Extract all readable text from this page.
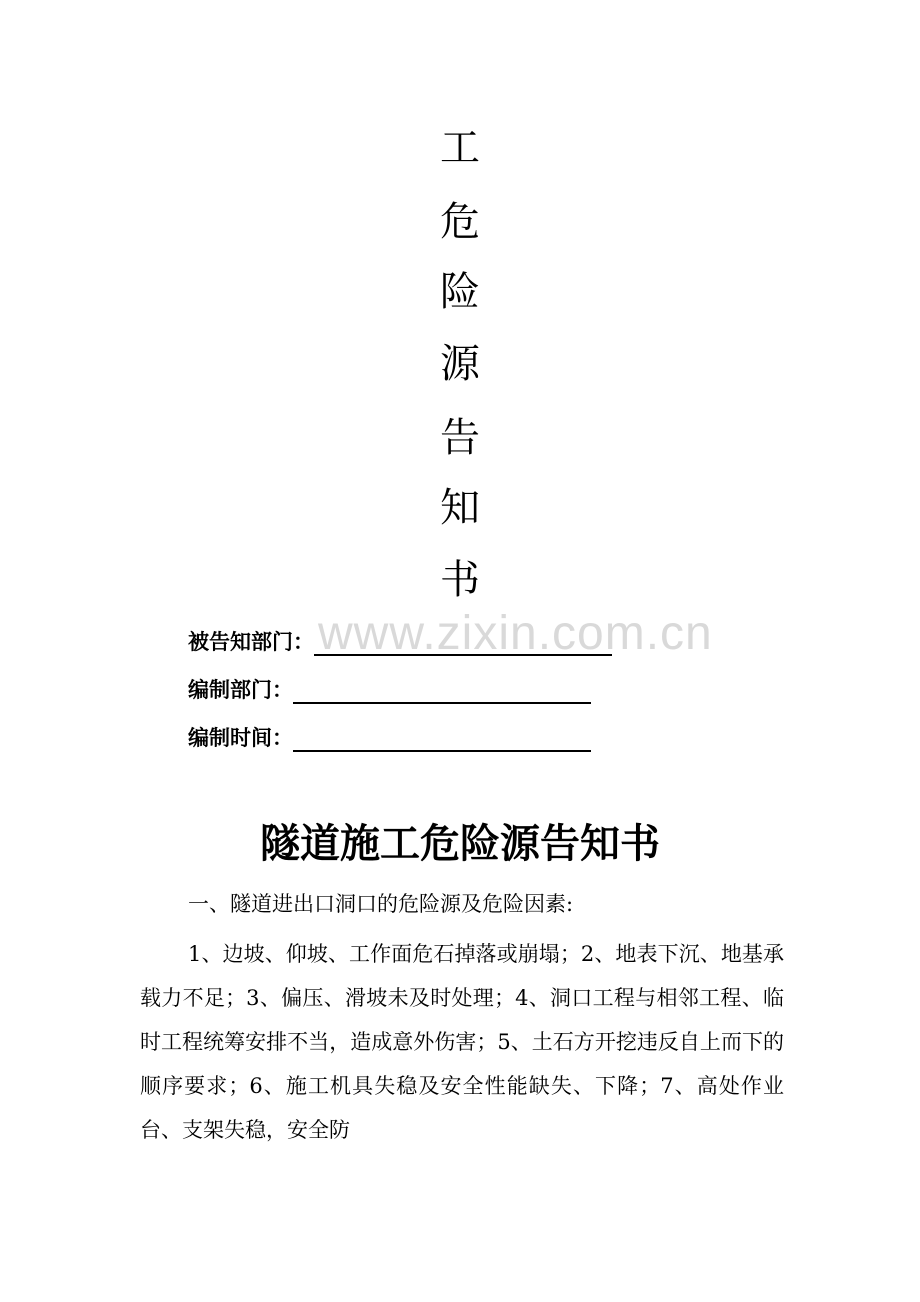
工
危
险
源
告
知
书
www.zixin.com.cn
被告知部门：
编制部门：
编制时间：
隧道施工危险源告知书
一、隧道进出口洞口的危险源及危险因素:
1、边坡、仰坡、工作面危石掉落或崩塌；2、地表下沉、地基承载力不足；3、偏压、滑坡未及时处理；4、洞口工程与相邻工程、临时工程统筹安排不当，造成意外伤害；5、土石方开挖违反自上而下的顺序要求；6、施工机具失稳及安全性能缺失、下降；7、高处作业台、支架失稳，安全防
